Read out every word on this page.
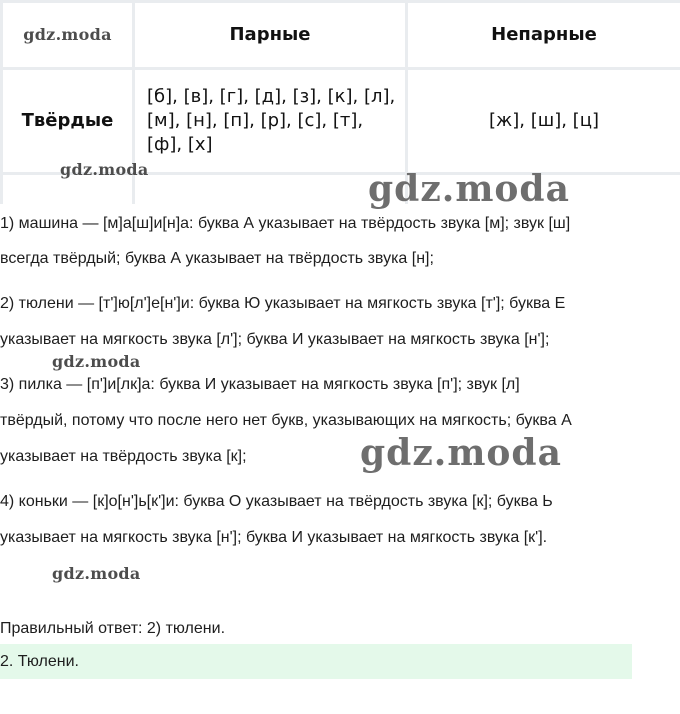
gdz.moda	Парные	Непарные
Твёрдые	[б], [в], [г], [д], [з], [к], [л], [м], [н], [п], [р], [с], [т], [ф], [х]	[ж], [ш], [ц]

gdz.moda	gdz.moda
1) машина — [м]а[ш]и[н]а: буква А указывает на твёрдость звука [м]; звук [ш]
всегда твёрдый; буква А указывает на твёрдость звука [н];
2) тюлени — [т']ю[л']е[н']и: буква Ю указывает на мягкость звука [т']; буква Е
указывает на мягкость звука [л']; буква И указывает на мягкость звука [н'];
gdz.moda
3) пилка — [п']и[лк]а: буква И указывает на мягкость звука [п']; звук [л]
твёрдый, потому что после него нет букв, указывающих на мягкость; буква А
указывает на твёрдость звука [к];	gdz.moda
4) коньки — [к]о[н']ь[к']и: буква О указывает на твёрдость звука [к]; буква Ь
указывает на мягкость звука [н']; буква И указывает на мягкость звука [к'].
gdz.moda
Правильный ответ: 2) тюлени.
2. Тюлени.
